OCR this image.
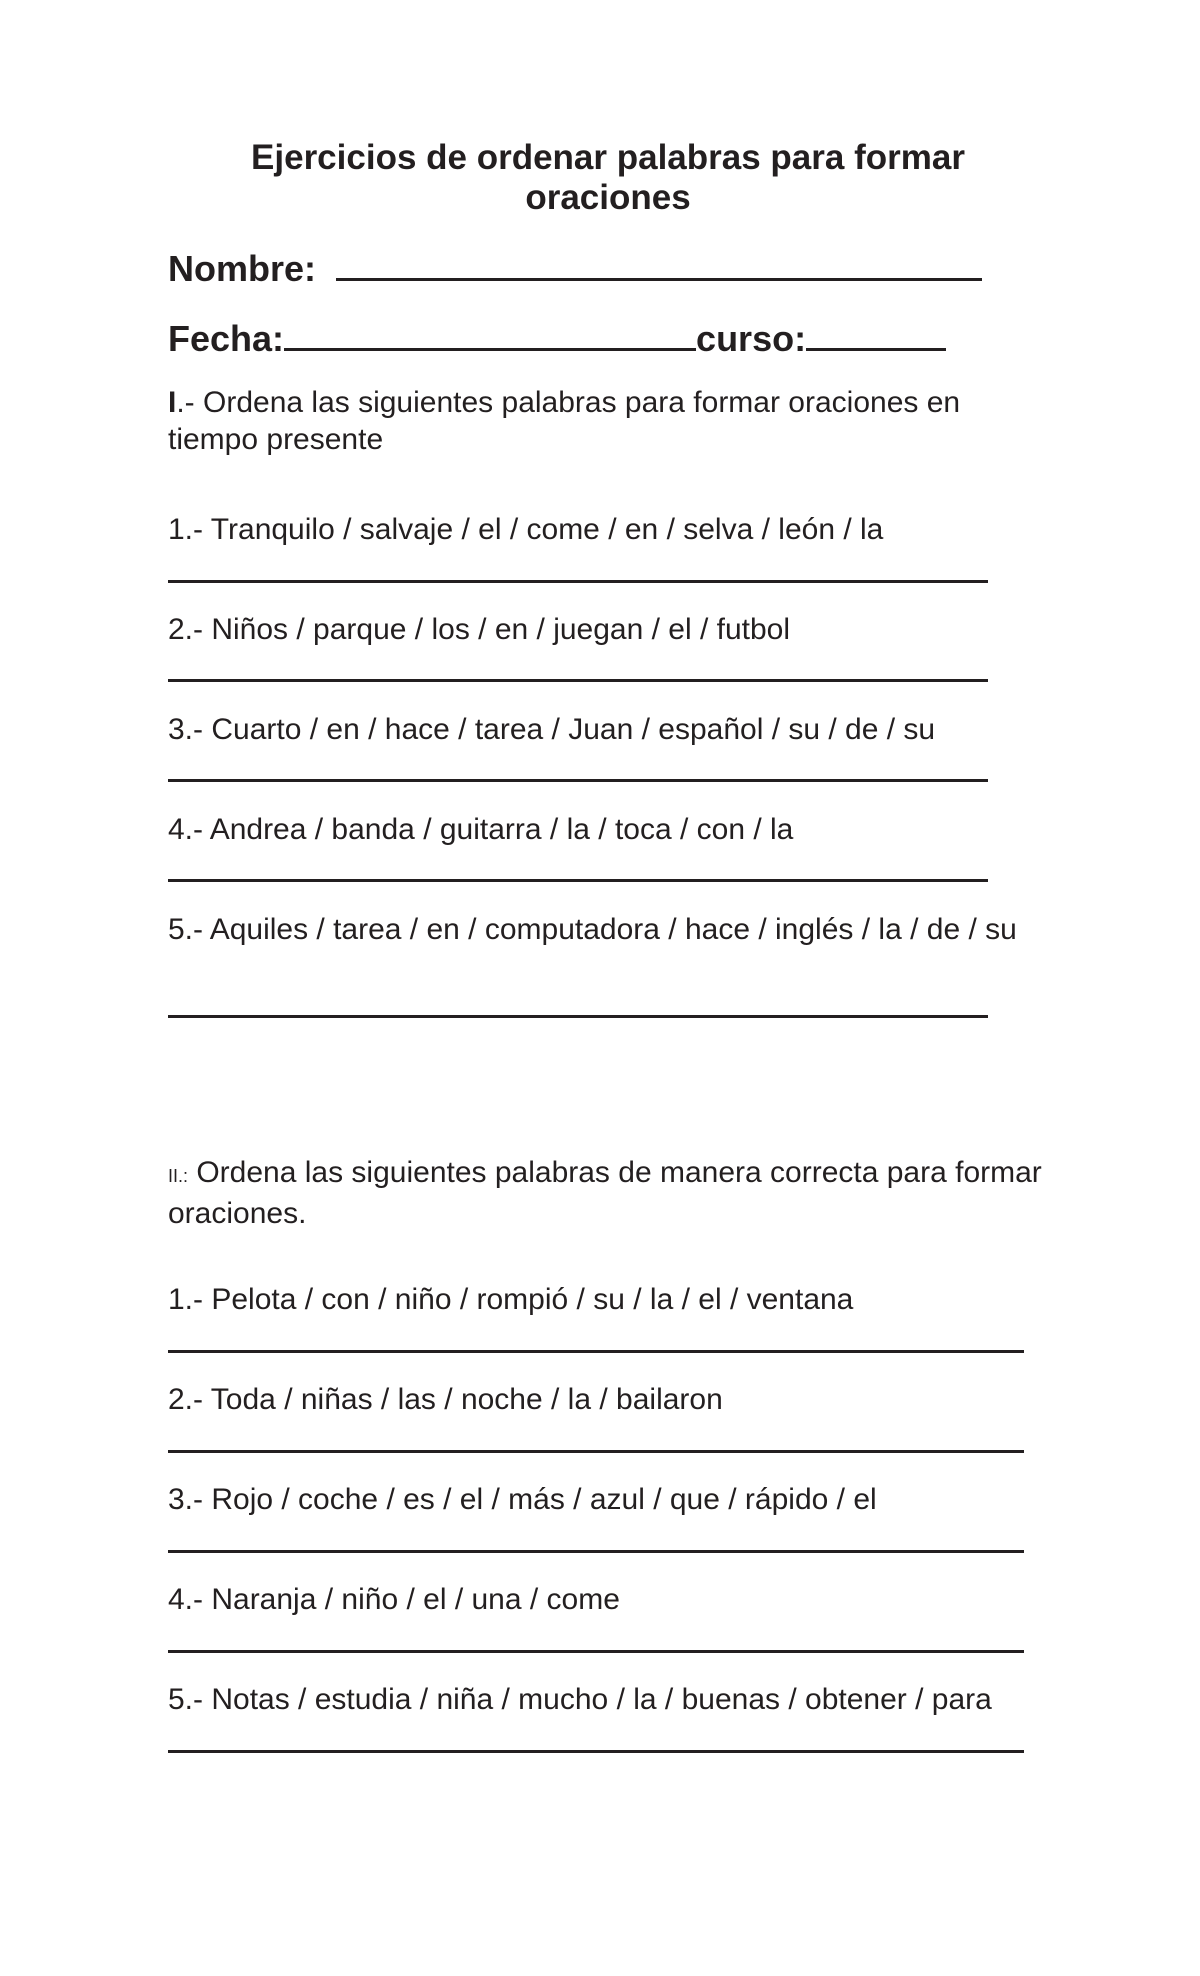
Ejercicios de ordenar palabras para formar oraciones
Nombre:
Fecha:	curso:
I.- Ordena las siguientes palabras para formar oraciones en tiempo presente
1.- Tranquilo / salvaje / el / come / en / selva / león / la
2.- Niños / parque / los / en / juegan / el / futbol
3.- Cuarto / en / hace / tarea / Juan / español / su / de / su
4.- Andrea / banda / guitarra / la / toca / con / la
5.- Aquiles / tarea / en / computadora / hace / inglés / la / de / su
II.: Ordena las siguientes palabras de manera correcta para formar oraciones.
1.- Pelota / con / niño / rompió / su / la / el / ventana
2.- Toda / niñas / las / noche / la / bailaron
3.- Rojo / coche / es / el / más / azul / que / rápido / el
4.- Naranja / niño / el / una / come
5.- Notas / estudia / niña / mucho / la / buenas / obtener / para
